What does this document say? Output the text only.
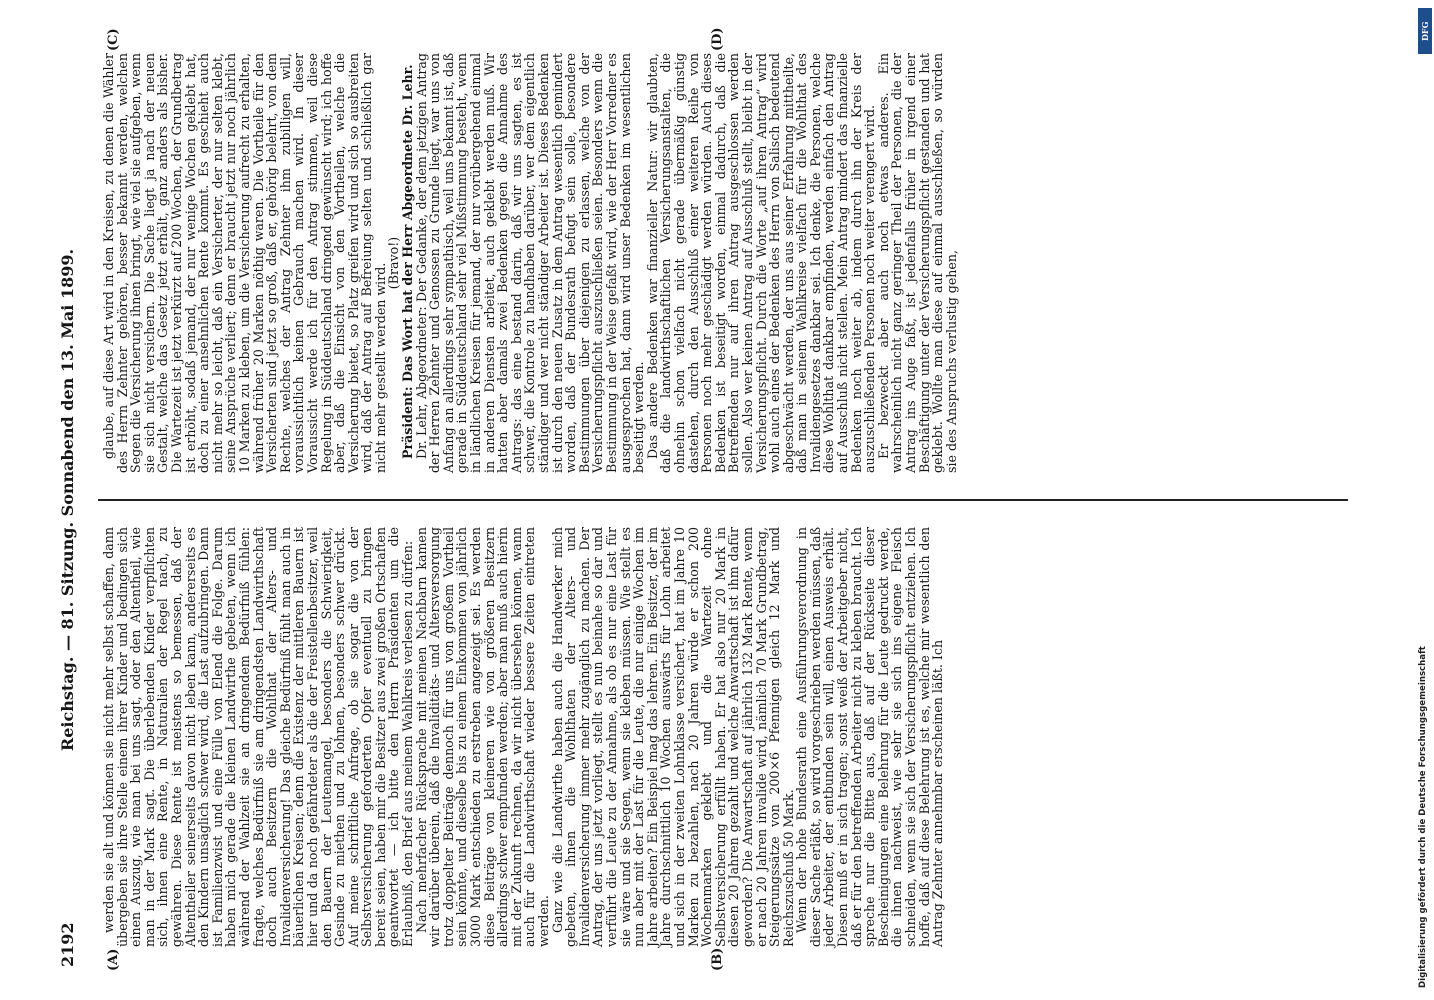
2192
Reichstag. — 81. Sitzung. Sonnabend den 13. Mai 1899.
(A)	(B)
(C)	(D)

werden sie alt und können sie nicht mehr selbst schaffen, dann übergeben sie ihre Stelle einem ihrer Kinder und bedingen sich einen Auszug, wie man bei uns sagt, oder den Altentheil, wie man in der Mark sagt. Die überlebenden Kinder verpflichten sich, ihnen eine Rente, in Naturalien der Regel nach, zu gewähren. Diese Rente ist meistens so bemessen, daß der Altentheiler seinerseits davon nicht leben kann, andererseits es den Kindern unsäglich schwer wird, die Last aufzubringen. Dann ist Familienzwist und eine Fülle von Elend die Folge. Darum haben mich gerade die kleinen Landwirthe gebeten, wenn ich während der Wahlzeit sie an dringendem Bedürfniß fühlen: fragte, welches Bedürfniß sie am dringendsten Landwirthschaft doch auch Besitzern die Wohlthat der Alters- und Invalidenversicherung! Das gleiche Bedürfniß fühlt man auch in bäuerlichen Kreisen; denn die Existenz der mittleren Bauern ist hier und da noch gefährdeter als die der Freistellenbesitzer, weil den Bauern der Leutemangel, besonders die Schwierigkeit, Gesinde zu miethen und zu lohnen, besonders schwer drückt. Auf meine schriftliche Anfrage, ob sie sogar die von der Selbstversicherung geforderten Opfer eventuell zu bringen bereit seien, haben mir die Besitzer aus zwei großen Ortschaften geantwortet — ich bitte den Herrn Präsidenten um die Erlaubniß, den Brief aus meinem Wahlkreis verlesen zu dürfen:

Nach mehrfacher Rücksprache mit meinen Nachbarn kamen wir darüber überein, daß die Invaliditäts- und Altersversorgung trotz doppelter Beiträge dennoch für uns von großem Vortheil sein könnte, und dieselbe bis zu einem Einkommen von jährlich 3000 Mark entschieden zu erstreben angezeigt sei. Es werden diese Beiträge von kleineren wie von größeren Besitzern allerdings schwer empfunden werden; aber man muß auch hierin mit der Zukunft rechnen, da wir nicht übersehen können, wann auch für die Landwirthschaft wieder bessere Zeiten eintreten werden.

Ganz wie die Landwirthe haben auch die Handwerker mich gebeten, ihnen die Wohlthaten der Alters- und Invalidenversicherung immer mehr zugänglich zu machen. Der Antrag, der uns jetzt vorliegt, stellt es nun beinahe so dar und verführt die Leute zu der Annahme, als ob es nur eine Last für sie wäre und sie Segen, wenn sie kleben müssen. Wie stellt es nun aber mit der Last für die Leute, die nur einige Wochen im Jahre arbeiten? Ein Beispiel mag das lehren. Ein Besitzer, der im Jahre durchschnittlich 10 Wochen auswärts für Lohn arbeitet und sich in der zweiten Lohnklasse versichert, hat im Jahre 10 Marken zu bezahlen, nach 20 Jahren würde er schon 200 Wochenmarken geklebt und die Wartezeit ohne Selbstversicherung erfüllt haben. Er hat also nur 20 Mark in diesen 20 Jahren gezahlt und welche Anwartschaft ist ihm dafür geworden? Die Anwartschaft auf jährlich 132 Mark Rente, wenn er nach 20 Jahren invalide wird, nämlich 70 Mark Grundbetrag, Steigerungssätze von 200×6 Pfennigen gleich 12 Mark und Reichszuschuß 50 Mark.

Wenn der hohe Bundesrath eine Ausführungsverordnung in dieser Sache erläßt, so wird vorgeschrieben werden müssen, daß jeder Arbeiter, der entbunden sein will, einen Ausweis erhält. Diesen muß er in sich tragen; sonst weiß der Arbeitgeber nicht, daß er für den betreffenden Arbeiter nicht zu kleben braucht. Ich spreche nur die Bitte aus, daß auf der Rückseite dieser Bescheinigungen eine Belehrung für die Leute gedruckt werde, die ihnen nachweist, wie sehr sie sich ins eigene Fleisch schneiden, wenn sie sich der Versicherungspflicht entziehen. Ich hoffe, daß auf diese Belehrung ist es, welche mir wesentlich den Antrag Zehnter annehmbar erscheinen läßt. Ich

glaube, auf diese Art wird in den Kreisen, zu denen die Wähler des Herrn Zehnter gehören, besser bekannt werden, welchen Segen die Versicherung ihnen bringt, wie viel sie aufgeben, wenn sie sich nicht versichern. Die Sache liegt ja nach der neuen Gestalt, welche das Gesetz jetzt erhält, ganz anders als bisher. Die Wartezeit ist jetzt verkürzt auf 200 Wochen, der Grundbetrag ist erhöht, sodaß jemand, der nur wenige Wochen geklebt hat, doch zu einer ansehnlichen Rente kommt. Es geschieht auch nicht mehr so leicht, daß ein Versicherter, der nur selten klebt, seine Ansprüche verliert; denn er braucht jetzt nur noch jährlich 10 Marken zu kleben, um die Versicherung aufrecht zu erhalten, während früher 20 Marken nöthig waren. Die Vortheile für den Versicherten sind jetzt so groß, daß er, gehörig belehrt, von dem Rechte, welches der Antrag Zehnter ihm zubilligen will, voraussichtlich keinen Gebrauch machen wird. In dieser Voraussicht werde ich für den Antrag stimmen, weil diese Regelung in Süddeutschland dringend gewünscht wird; ich hoffe aber, daß die Einsicht von den Vortheilen, welche die Versicherung bietet, so Platz greifen wird und sich so ausbreiten wird, daß der Antrag auf Befreiung selten und schließlich gar nicht mehr gestellt werden wird.

(Bravo!)

Präsident: Das Wort hat der Herr Abgeordnete Dr. Lehr.

Dr. Lehr, Abgeordneter: Der Gedanke, der dem jetzigen Antrag der Herren Zehnter und Genossen zu Grunde liegt, war uns von Anfang an allerdings sehr sympathisch, weil uns bekannt ist, daß gerade in Süddeutschland sehr viel Mißstimmung besteht, wenn in ländlichen Kreisen für jemand, der nur vorübergehend einmal in anderen Diensten arbeitet, auch geklebt werden muß. Wir hatten aber damals zwei Bedenken gegen die Annahme des Antrags: das eine bestand darin, daß wir uns sagten, es ist schwer, die Kontrole zu handhaben darüber, wer dem eigentlich ständiger und wer nicht ständiger Arbeiter ist. Dieses Bedenken ist durch den neuen Zusatz in dem Antrag wesentlich gemindert worden, daß der Bundesrath befugt sein solle, besondere Bestimmungen über diejenigen zu erlassen, welche von der Versicherungspflicht auszuschließen seien. Besonders wenn die Bestimmung in der Weise gefaßt wird, wie der Herr Vorredner es ausgesprochen hat, dann wird unser Bedenken im wesentlichen beseitigt werden.

Das andere Bedenken war finanzieller Natur: wir glaubten, daß die landwirthschaftlichen Versicherungsanstalten, die ohnehin schon vielfach nicht gerade übermäßig günstig dastehen, durch den Ausschluß einer weiteren Reihe von Personen noch mehr geschädigt werden würden. Auch dieses Bedenken ist beseitigt worden, einmal dadurch, daß die Betreffenden nur auf ihren Antrag ausgeschlossen werden sollen. Also wer keinen Antrag auf Ausschluß stellt, bleibt in der Versicherungspflicht. Durch die Worte „auf ihren Antrag“ wird wohl auch eines der Bedenken des Herrn von Salisch bedeutend abgeschwächt werden, der uns aus seiner Erfahrung mittheilte, daß man in seinem Wahlkreise vielfach für die Wohlthat des Invalidengesetzes dankbar sei. Ich denke, die Personen, welche diese Wohlthat dankbar empfinden, werden einfach den Antrag auf Ausschluß nicht stellen. Mein Antrag mindert das finanzielle Bedenken noch weiter ab, indem durch ihn der Kreis der auszuschließenden Personen noch weiter verengert wird.

Er bezweckt aber auch noch etwas anderes. Ein wahrscheinlich nicht ganz geringer Theil der Personen, die der Antrag ins Auge faßt, ist jedenfalls früher in irgend einer Beschäftigung unter der Versicherungspflicht gestanden und hat geklebt. Wollte man diese auf einmal ausschließen, so würden sie des Anspruchs verlustig gehen,

DFG
Digitalisierung gefördert durch die Deutsche Forschungsgemeinschaft
